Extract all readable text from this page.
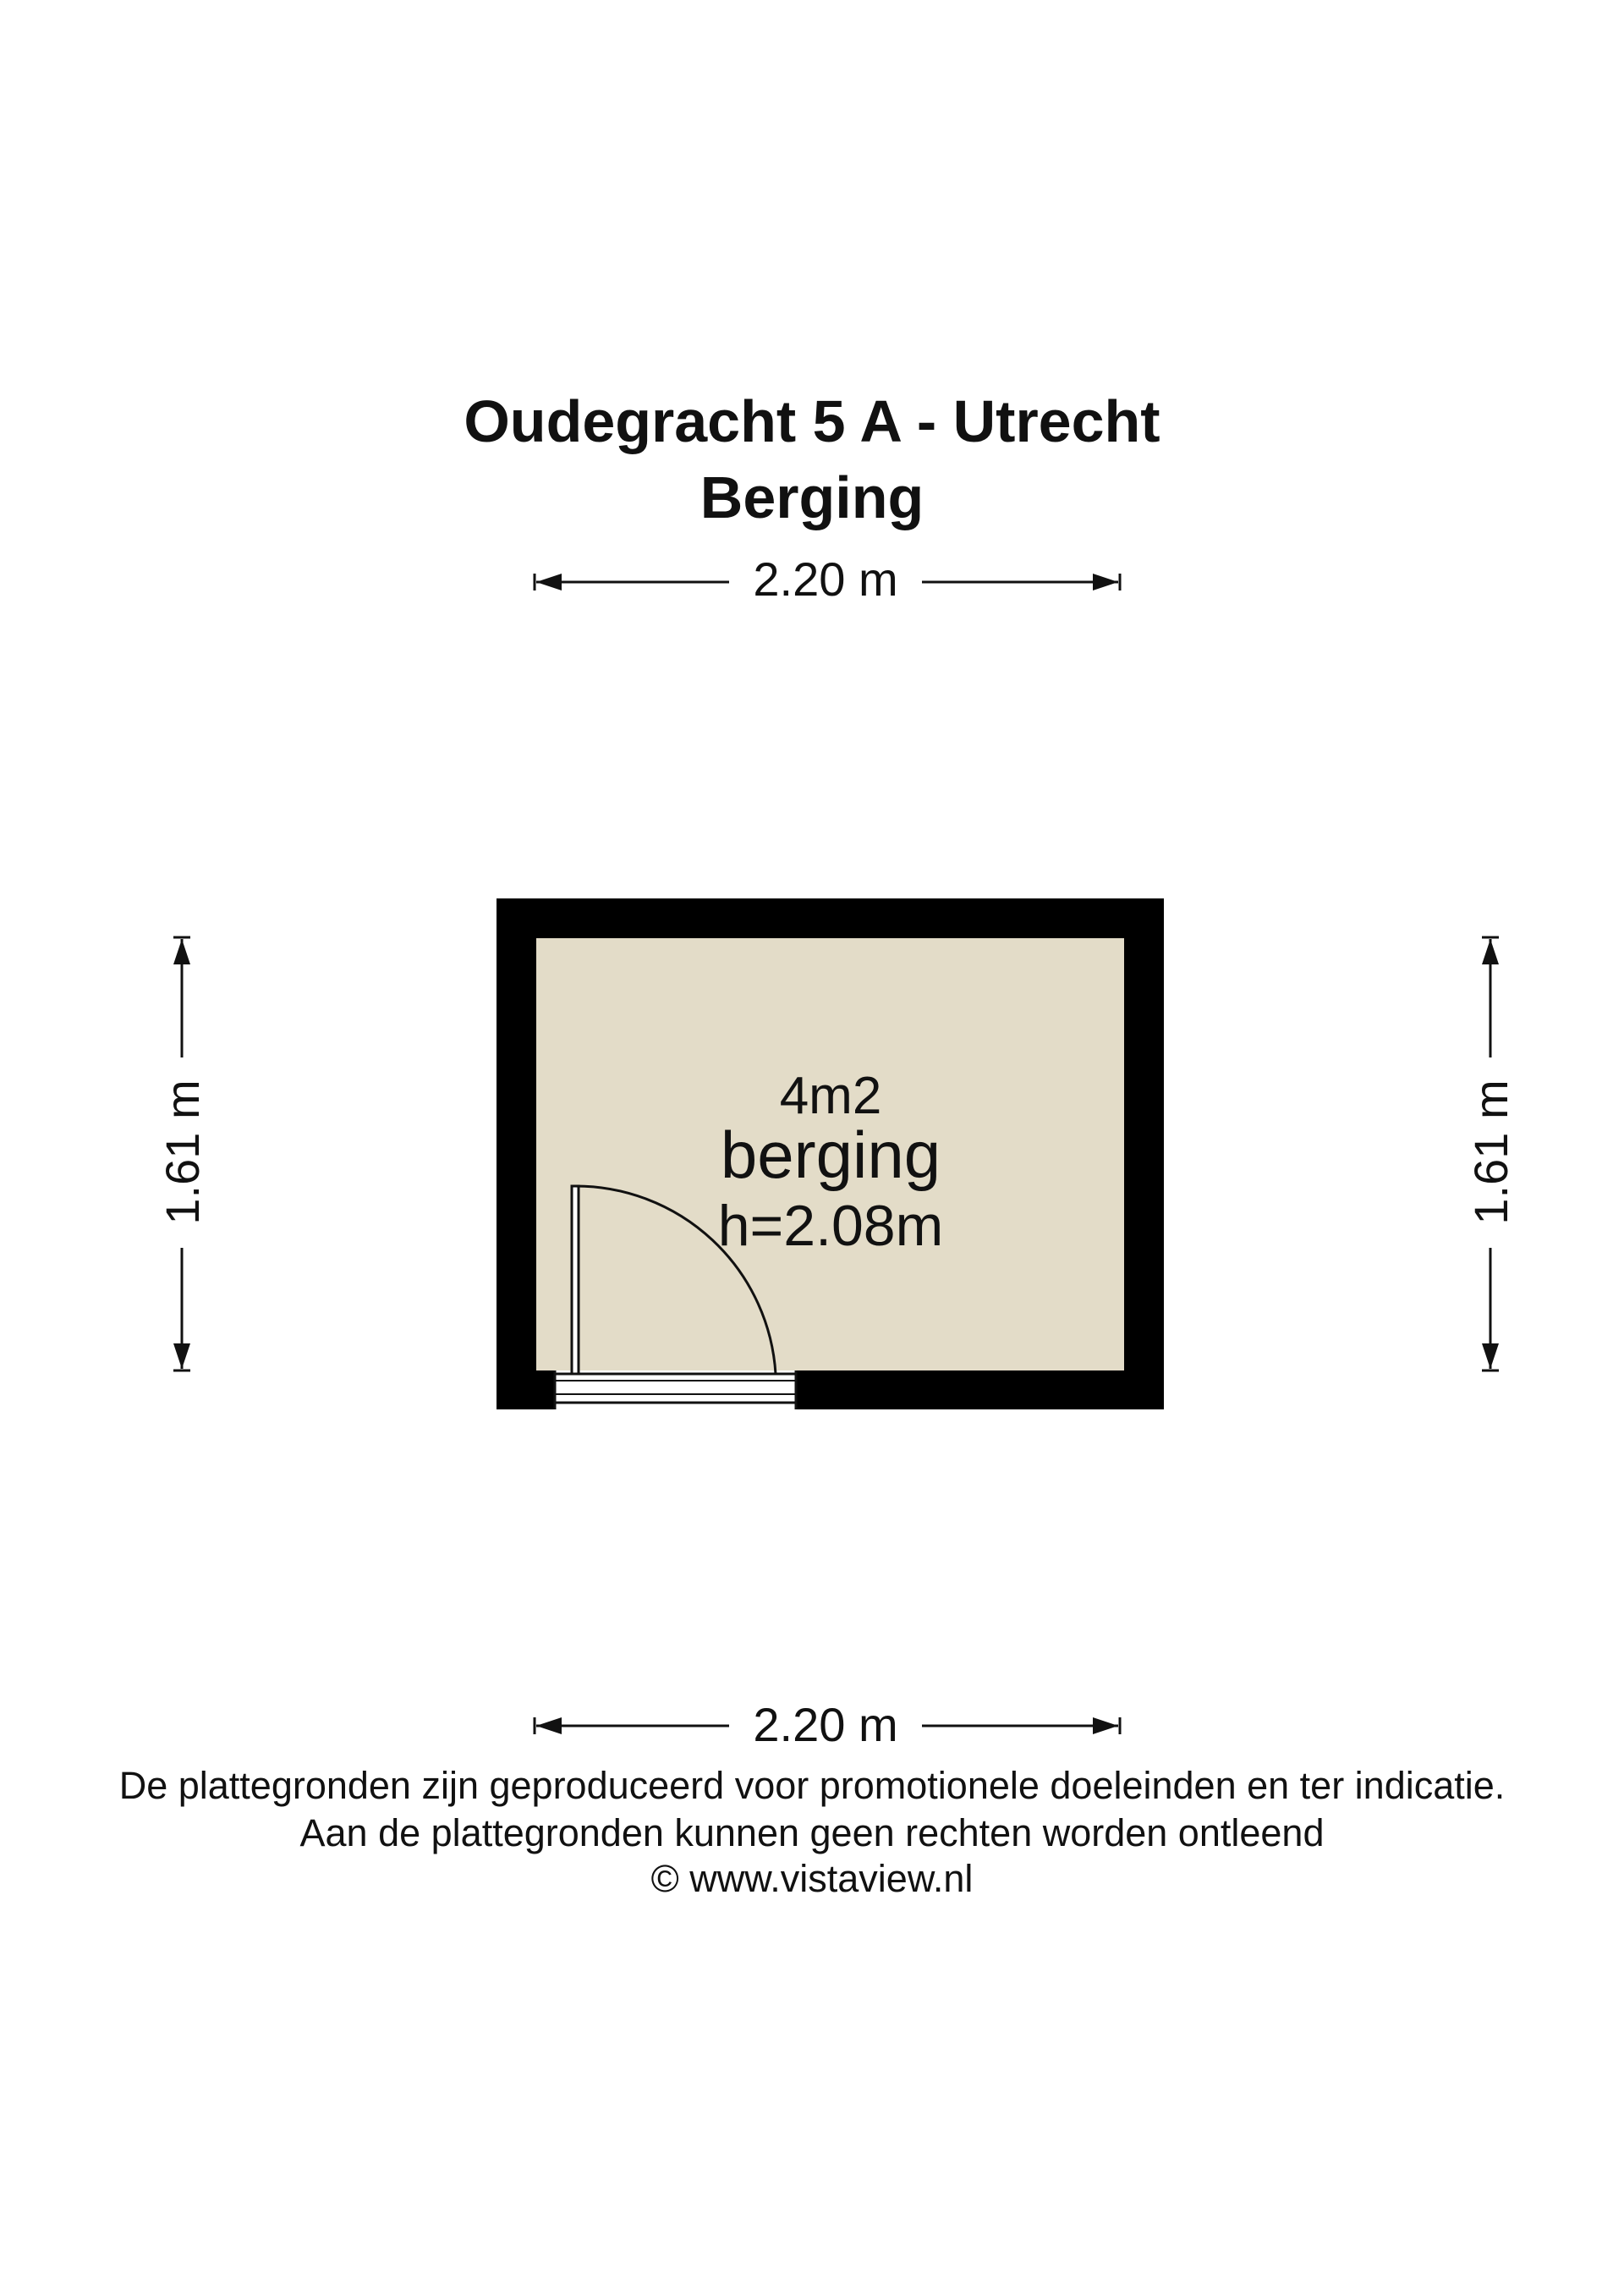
Oudegracht 5 A - Utrecht
Berging
2.20 m
1.61 m	1.61 m
4m2
berging
h=2.08m
2.20 m

De plattegronden zijn geproduceerd voor promotionele doeleinden en ter indicatie.

Aan de plattegronden kunnen geen rechten worden ontleend

© www.vistaview.nl
